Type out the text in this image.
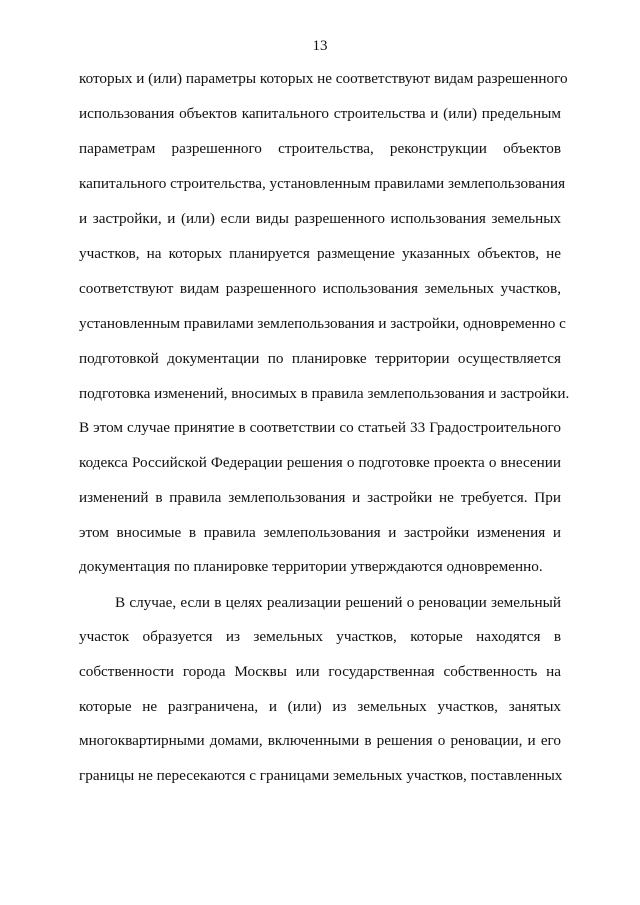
13
которых и (или) параметры которых не соответствуют видам разрешенного
использования объектов капитального строительства и (или) предельным
параметрам разрешенного строительства, реконструкции объектов
капитального строительства, установленным правилами землепользования
и застройки, и (или) если виды разрешенного использования земельных
участков, на которых планируется размещение указанных объектов, не
соответствуют видам разрешенного использования земельных участков,
установленным правилами землепользования и застройки, одновременно с
подготовкой документации по планировке территории осуществляется
подготовка изменений, вносимых в правила землепользования и застройки.
В этом случае принятие в соответствии со статьей 33 Градостроительного
кодекса Российской Федерации решения о подготовке проекта о внесении
изменений в правила землепользования и застройки не требуется. При
этом вносимые в правила землепользования и застройки изменения и
документация по планировке территории утверждаются одновременно.
В случае, если в целях реализации решений о реновации земельный
участок образуется из земельных участков, которые находятся в
собственности города Москвы или государственная собственность на
которые не разграничена, и (или) из земельных участков, занятых
многоквартирными домами, включенными в решения о реновации, и его
границы не пересекаются с границами земельных участков, поставленных
